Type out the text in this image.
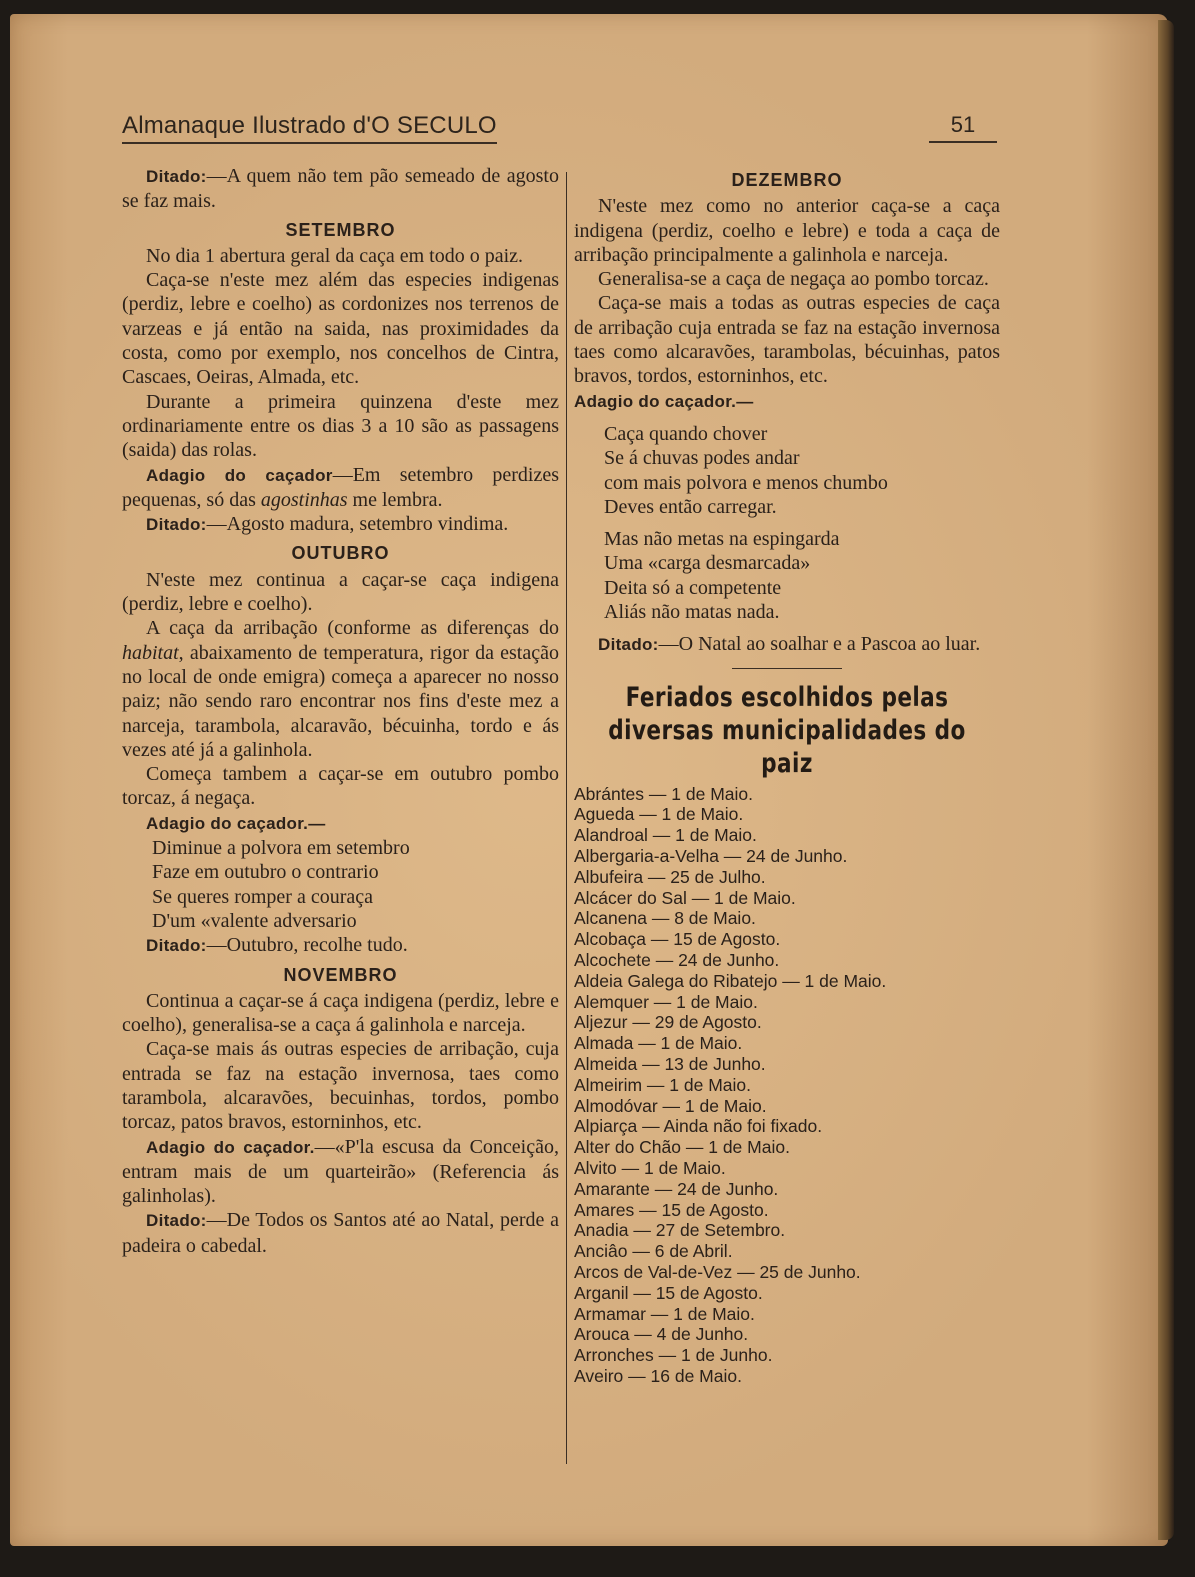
Almanaque Ilustrado d'O SECULO	51

Ditado:—A quem não tem pão semeado de agosto se faz mais.

SETEMBRO

No dia 1 abertura geral da caça em todo o paiz.

Caça-se n'este mez além das especies indigenas (perdiz, lebre e coelho) as cordonizes nos terrenos de varzeas e já então na saida, nas proximidades da costa, como por exemplo, nos concelhos de Cintra, Cascaes, Oeiras, Almada, etc.

Durante a primeira quinzena d'este mez ordinariamente entre os dias 3 a 10 são as passagens (saida) das rolas.

Adagio do caçador—Em setembro perdizes pequenas, só das agostinhas me lembra.

Ditado:—Agosto madura, setembro vindima.

OUTUBRO

N'este mez continua a caçar-se caça indigena (perdiz, lebre e coelho).

A caça da arribação (conforme as diferenças do habitat, abaixamento de temperatura, rigor da estação no local de onde emigra) começa a aparecer no nosso paiz; não sendo raro encontrar nos fins d'este mez a narceja, tarambola, alcaravão, bécuinha, tordo e ás vezes até já a galinhola.

Começa tambem a caçar-se em outubro pombo torcaz, á negaça.

Adagio do caçador.—

Diminue a polvora em setembro

Faze em outubro o contrario

Se queres romper a couraça

D'um «valente adversario

Ditado:—Outubro, recolhe tudo.

NOVEMBRO

Continua a caçar-se á caça indigena (perdiz, lebre e coelho), generalisa-se a caça á galinhola e narceja.

Caça-se mais ás outras especies de arribação, cuja entrada se faz na estação invernosa, taes como tarambola, alcaravões, becuinhas, tordos, pombo torcaz, patos bravos, estorninhos, etc.

Adagio do caçador.—«P'la escusa da Conceição, entram mais de um quarteirão» (Referencia ás galinholas).

Ditado:—De Todos os Santos até ao Natal, perde a padeira o cabedal.

DEZEMBRO

N'este mez como no anterior caça-se a caça indigena (perdiz, coelho e lebre) e toda a caça de arribação principalmente a galinhola e narceja.

Generalisa-se a caça de negaça ao pombo torcaz.

Caça-se mais a todas as outras especies de caça de arribação cuja entrada se faz na estação invernosa taes como alcaravões, tarambolas, bécuinhas, patos bravos, tordos, estorninhos, etc.

Adagio do caçador.—

Caça quando chover

Se á chuvas podes andar

com mais polvora e menos chumbo

Deves então carregar.

Mas não metas na espingarda

Uma «carga desmarcada»

Deita só a competente

Aliás não matas nada.

Ditado:—O Natal ao soalhar e a Pascoa ao luar.

Feriados escolhidos pelas diversas municipalidades do paiz
Abrántes — 1 de Maio.
Agueda — 1 de Maio.
Alandroal — 1 de Maio.
Albergaria-a-Velha — 24 de Junho.
Albufeira — 25 de Julho.
Alcácer do Sal — 1 de Maio.
Alcanena — 8 de Maio.
Alcobaça — 15 de Agosto.
Alcochete — 24 de Junho.
Aldeia Galega do Ribatejo — 1 de Maio.
Alemquer — 1 de Maio.
Aljezur — 29 de Agosto.
Almada — 1 de Maio.
Almeida — 13 de Junho.
Almeirim — 1 de Maio.
Almodóvar — 1 de Maio.
Alpiarça — Ainda não foi fixado.
Alter do Chão — 1 de Maio.
Alvito — 1 de Maio.
Amarante — 24 de Junho.
Amares — 15 de Agosto.
Anadia — 27 de Setembro.
Anciâo — 6 de Abril.
Arcos de Val-de-Vez — 25 de Junho.
Arganil — 15 de Agosto.
Armamar — 1 de Maio.
Arouca — 4 de Junho.
Arronches — 1 de Junho.
Aveiro — 16 de Maio.
